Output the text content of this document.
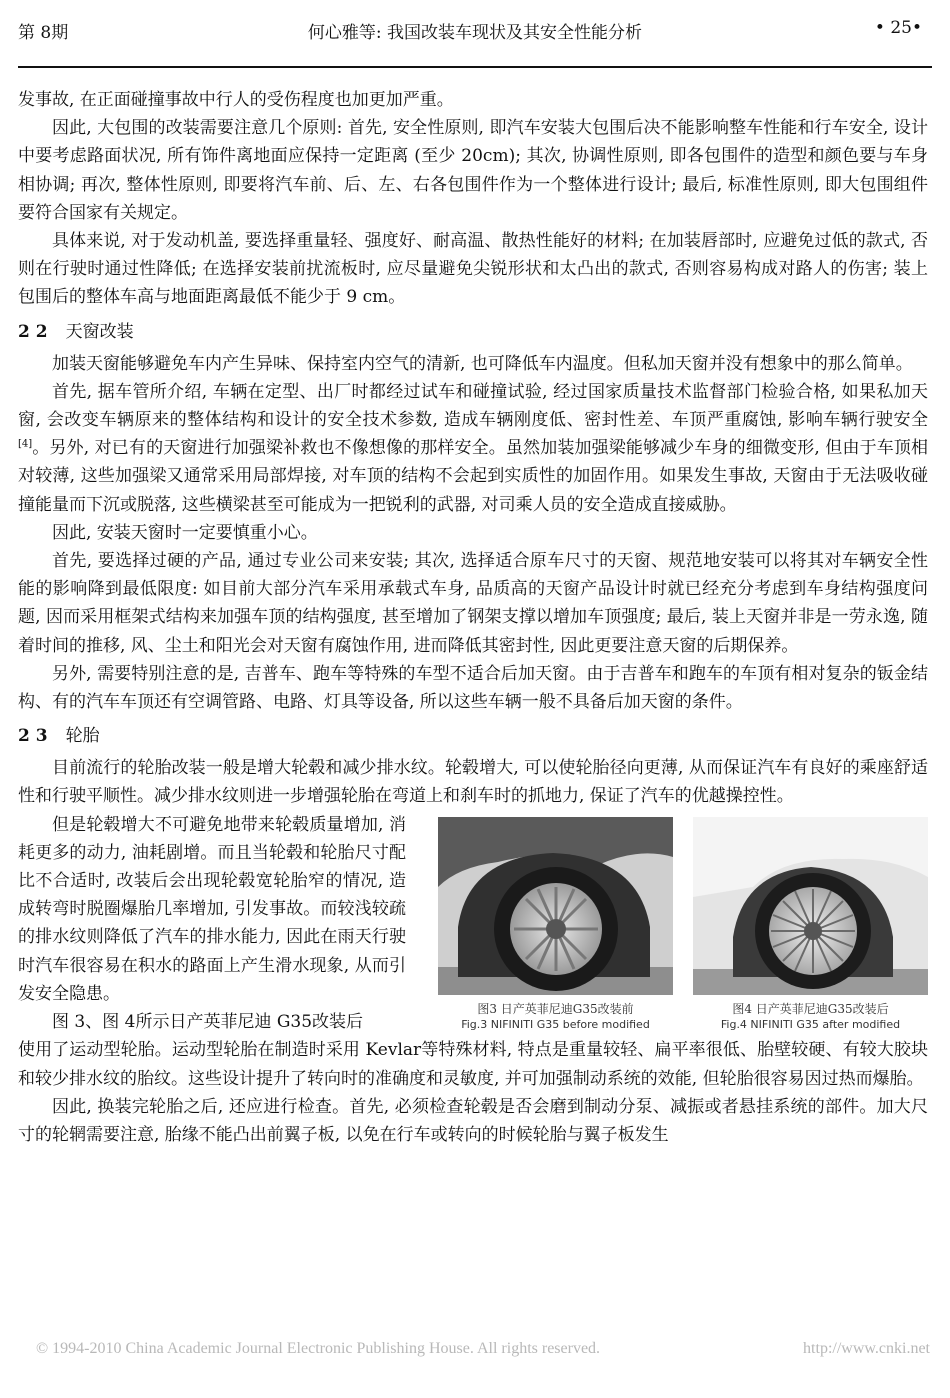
第 8期	何心雅等: 我国改装车现状及其安全性能分析	• 25•

发事故, 在正面碰撞事故中行人的受伤程度也加更加严重。

因此, 大包围的改装需要注意几个原则: 首先, 安全性原则, 即汽车安装大包围后决不能影响整车性能和行车安全, 设计中要考虑路面状况, 所有饰件离地面应保持一定距离 (至少 20cm); 其次, 协调性原则, 即各包围件的造型和颜色要与车身相协调; 再次, 整体性原则, 即要将汽车前、后、左、右各包围件作为一个整体进行设计; 最后, 标准性原则, 即大包围组件要符合国家有关规定。

具体来说, 对于发动机盖, 要选择重量轻、强度好、耐高温、散热性能好的材料; 在加装唇部时, 应避免过低的款式, 否则在行驶时通过性降低; 在选择安装前扰流板时, 应尽量避免尖锐形状和太凸出的款式, 否则容易构成对路人的伤害; 装上包围后的整体车高与地面距离最低不能少于 9 cm。

2 2 天窗改装

加装天窗能够避免车内产生异味、保持室内空气的清新, 也可降低车内温度。但私加天窗并没有想象中的那么简单。

首先, 据车管所介绍, 车辆在定型、出厂时都经过试车和碰撞试验, 经过国家质量技术监督部门检验合格, 如果私加天窗, 会改变车辆原来的整体结构和设计的安全技术参数, 造成车辆刚度低、密封性差、车顶严重腐蚀, 影响车辆行驶安全[4]。另外, 对已有的天窗进行加强梁补救也不像想像的那样安全。虽然加装加强梁能够减少车身的细微变形, 但由于车顶相对较薄, 这些加强梁又通常采用局部焊接, 对车顶的结构不会起到实质性的加固作用。如果发生事故, 天窗由于无法吸收碰撞能量而下沉或脱落, 这些横梁甚至可能成为一把锐利的武器, 对司乘人员的安全造成直接威胁。

因此, 安装天窗时一定要慎重小心。

首先, 要选择过硬的产品, 通过专业公司来安装; 其次, 选择适合原车尺寸的天窗、规范地安装可以将其对车辆安全性能的影响降到最低限度: 如目前大部分汽车采用承载式车身, 品质高的天窗产品设计时就已经充分考虑到车身结构强度问题, 因而采用框架式结构来加强车顶的结构强度, 甚至增加了钢架支撑以增加车顶强度; 最后, 装上天窗并非是一劳永逸, 随着时间的推移, 风、尘土和阳光会对天窗有腐蚀作用, 进而降低其密封性, 因此更要注意天窗的后期保养。

另外, 需要特别注意的是, 吉普车、跑车等特殊的车型不适合后加天窗。由于吉普车和跑车的车顶有相对复杂的钣金结构、有的汽车车顶还有空调管路、电路、灯具等设备, 所以这些车辆一般不具备后加天窗的条件。

2 3 轮胎

目前流行的轮胎改装一般是增大轮毂和减少排水纹。轮毂增大, 可以使轮胎径向更薄, 从而保证汽车有良好的乘座舒适性和行驶平顺性。减少排水纹则进一步增强轮胎在弯道上和刹车时的抓地力, 保证了汽车的优越操控性。

但是轮毂增大不可避免地带来轮毂质量增加, 消耗更多的动力, 油耗剧增。而且当轮毂和轮胎尺寸配比不合适时, 改装后会出现轮毂宽轮胎窄的情况, 造成转弯时脱圈爆胎几率增加, 引发事故。而较浅较疏的排水纹则降低了汽车的排水能力, 因此在雨天行驶时汽车很容易在积水的路面上产生滑水现象, 从而引发安全隐患。

图 3、图 4所示日产英菲尼迪 G35改装后

图3 日产英菲尼迪G35改装前
Fig.3 NIFINITI G35 before modified
图4 日产英菲尼迪G35改装后
Fig.4 NIFINITI G35 after modified

使用了运动型轮胎。运动型轮胎在制造时采用 Kevlar等特殊材料, 特点是重量较轻、扁平率很低、胎壁较硬、有较大胶块和较少排水纹的胎纹。这些设计提升了转向时的准确度和灵敏度, 并可加强制动系统的效能, 但轮胎很容易因过热而爆胎。

因此, 换装完轮胎之后, 还应进行检查。首先, 必须检查轮毂是否会磨到制动分泵、减振或者悬挂系统的部件。加大尺寸的轮辋需要注意, 胎缘不能凸出前翼子板, 以免在行车或转向的时候轮胎与翼子板发生

© 1994-2010 China Academic Journal Electronic Publishing House. All rights reserved.	http://www.cnki.net
